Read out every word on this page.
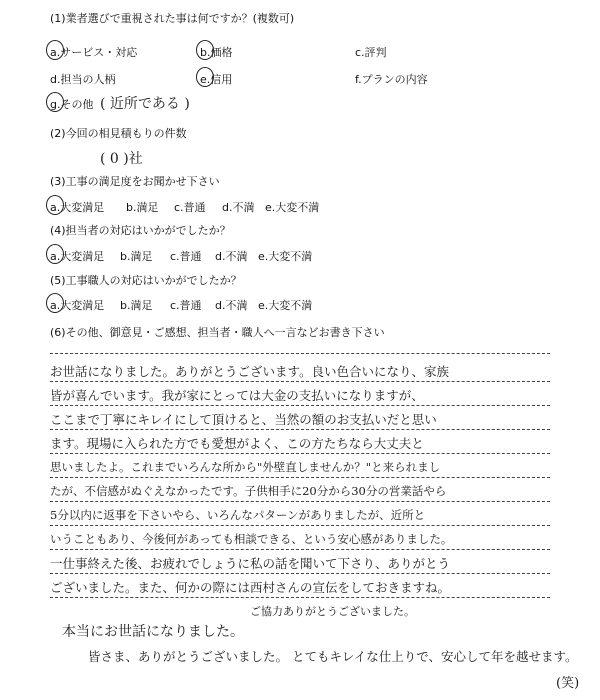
(1)業者選びで重視された事は何ですか？(複数可)
a.サービス・対応	b.価格	c.評判
d.担当の人柄	e.信用	f.プランの内容
g.その他 ( 近所である )
(2)今回の相見積もりの件数
( 0 )社
(3)工事の満足度をお聞かせ下さい
a.大変満足 b.満足 c.普通 d.不満 e.大変不満
(4)担当者の対応はいかがでしたか？
a.大変満足 b.満足 c.普通 d.不満 e.大変不満
(5)工事職人の対応はいかがでしたか？
a.大変満足 b.満足 c.普通 d.不満 e.大変不満
(6)その他、御意見・ご感想、担当者・職人へ一言などお書き下さい
お世話になりました。ありがとうございます。良い色合いになり、家族
皆が喜んでいます。我が家にとっては大金の支払いになりますが、
ここまで丁寧にキレイにして頂けると、当然の額のお支払いだと思い
ます。現場に入られた方でも愛想がよく、この方たちなら大丈夫と
思いましたよ。これまでいろんな所から"外壁直しませんか？"と来られまし
たが、不信感がぬぐえなかったです。子供相手に20分から30分の営業話やら
5分以内に返事を下さいやら、いろんなパターンがありましたが、近所と
いうこともあり、今後何があっても相談できる、という安心感がありました。
一仕事終えた後、お疲れでしょうに私の話を聞いて下さり、ありがとう
ございました。また、何かの際には西村さんの宣伝をしておきますね。
ご協力ありがとうございました。
本当にお世話になりました。
皆さま、ありがとうございました。 とてもキレイな仕上りで、安心して年を越せます。
(笑)
